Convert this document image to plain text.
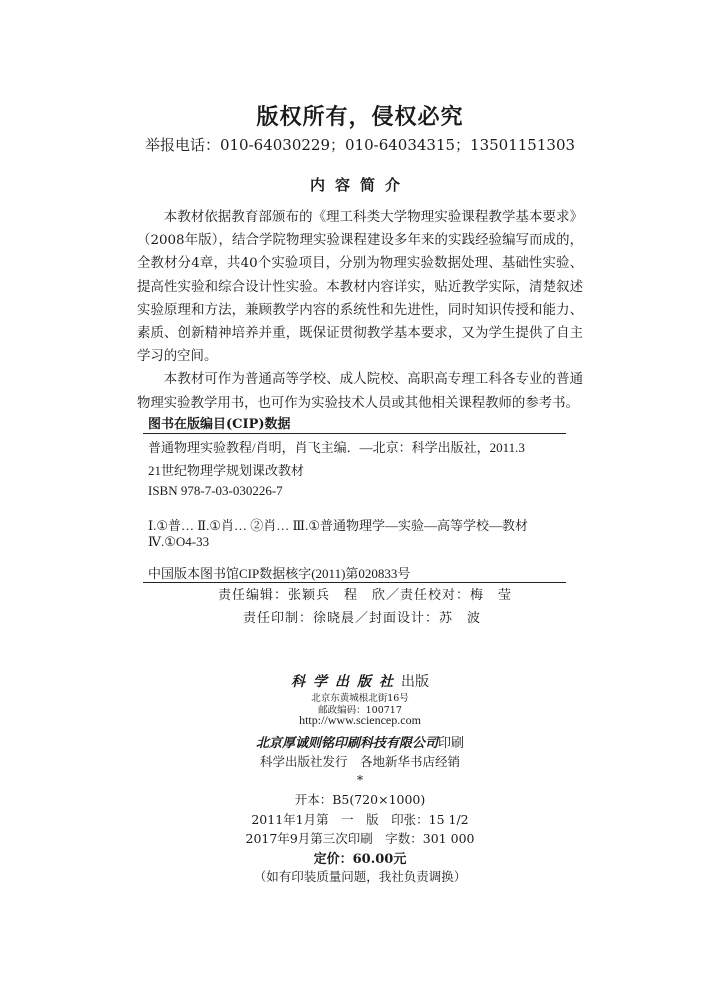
版权所有，侵权必究
举报电话：010-64030229；010-64034315；13501151303
内容简介

本教材依据教育部颁布的《理工科类大学物理实验课程教学基本要求》（2008年版），结合学院物理实验课程建设多年来的实践经验编写而成的，全教材分4章，共40个实验项目，分别为物理实验数据处理、基础性实验、提高性实验和综合设计性实验。本教材内容详实，贴近教学实际，清楚叙述实验原理和方法，兼顾教学内容的系统性和先进性，同时知识传授和能力、素质、创新精神培养并重，既保证贯彻教学基本要求，又为学生提供了自主学习的空间。

本教材可作为普通高等学校、成人院校、高职高专理工科各专业的普通物理实验教学用书，也可作为实验技术人员或其他相关课程教师的参考书。

图书在版编目(CIP)数据
普通物理实验教程/肖明，肖飞主编．—北京：科学出版社，2011.3
21世纪物理学规划课改教材
ISBN 978-7-03-030226-7
Ⅰ.①普… Ⅱ.①肖… ②肖… Ⅲ.①普通物理学—实验—高等学校—教材
Ⅳ.①O4-33
中国版本图书馆CIP数据核字(2011)第020833号
责任编辑：张颖兵　程　欣／责任校对：梅　莹
责任印制：徐晓晨／封面设计：苏　波
科学出版社出版
北京东黄城根北街16号
邮政编码：100717
http://www.sciencep.com
北京厚诚则铭印刷科技有限公司印刷
科学出版社发行　各地新华书店经销
*
开本：B5(720×1000)
2011年1月第　一　版　印张：15 1/2
2017年9月第三次印刷　字数：301 000
定价：60.00元
（如有印装质量问题，我社负责调换）
